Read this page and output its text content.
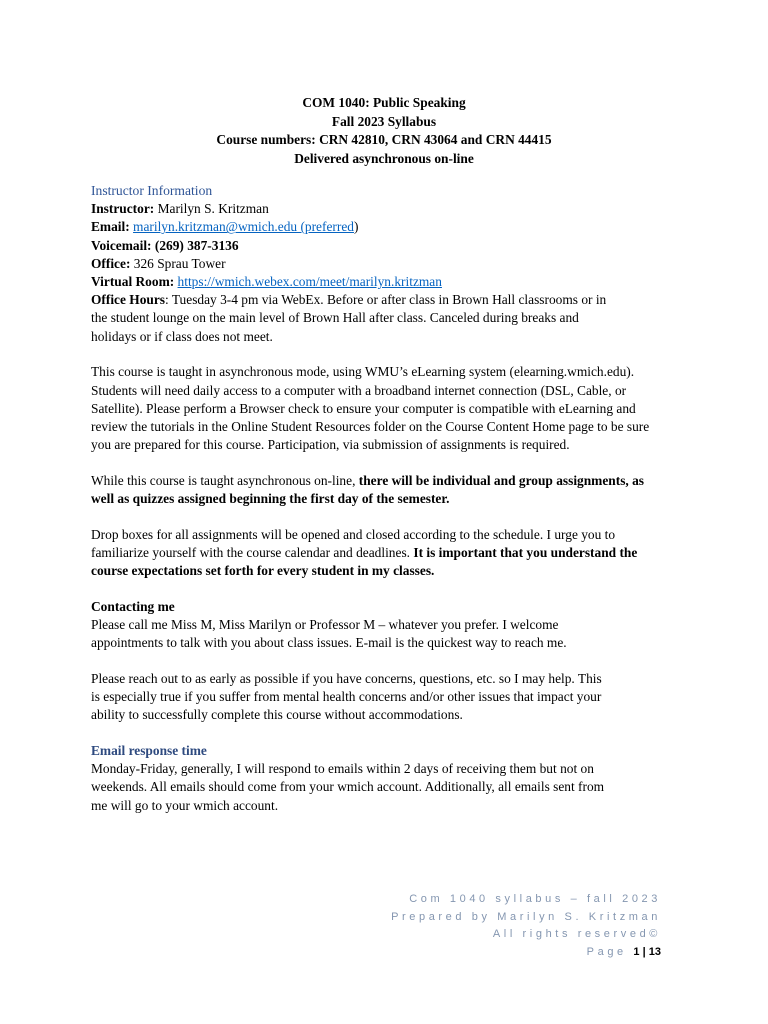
COM 1040: Public Speaking
Fall 2023 Syllabus
Course numbers: CRN 42810, CRN 43064 and CRN 44415
Delivered asynchronous on-line

Instructor Information

Instructor: Marilyn S. Kritzman

Email: marilyn.kritzman@wmich.edu (preferred)

Voicemail: (269) 387-3136

Office: 326 Sprau Tower

Virtual Room: https://wmich.webex.com/meet/marilyn.kritzman

Office Hours: Tuesday 3-4 pm via WebEx. Before or after class in Brown Hall classrooms or in

the student lounge on the main level of Brown Hall after class. Canceled during breaks and

holidays or if class does not meet.

This course is taught in asynchronous mode, using WMU’s eLearning system (elearning.wmich.edu).

Students will need daily access to a computer with a broadband internet connection (DSL, Cable, or

Satellite). Please perform a Browser check to ensure your computer is compatible with eLearning and

review the tutorials in the Online Student Resources folder on the Course Content Home page to be sure

you are prepared for this course. Participation, via submission of assignments is required.

While this course is taught asynchronous on-line, there will be individual and group assignments, as

well as quizzes assigned beginning the first day of the semester.

Drop boxes for all assignments will be opened and closed according to the schedule. I urge you to

familiarize yourself with the course calendar and deadlines. It is important that you understand the

course expectations set forth for every student in my classes.

Contacting me

Please call me Miss M, Miss Marilyn or Professor M – whatever you prefer. I welcome

appointments to talk with you about class issues. E-mail is the quickest way to reach me.

Please reach out to as early as possible if you have concerns, questions, etc. so I may help. This

is especially true if you suffer from mental health concerns and/or other issues that impact your

ability to successfully complete this course without accommodations.

Email response time

Monday-Friday, generally, I will respond to emails within 2 days of receiving them but not on

weekends. All emails should come from your wmich account. Additionally, all emails sent from

me will go to your wmich account.

Com 1040 syllabus – fall 2023
Prepared by Marilyn S. Kritzman
All rights reserved©
Page 1 | 13
